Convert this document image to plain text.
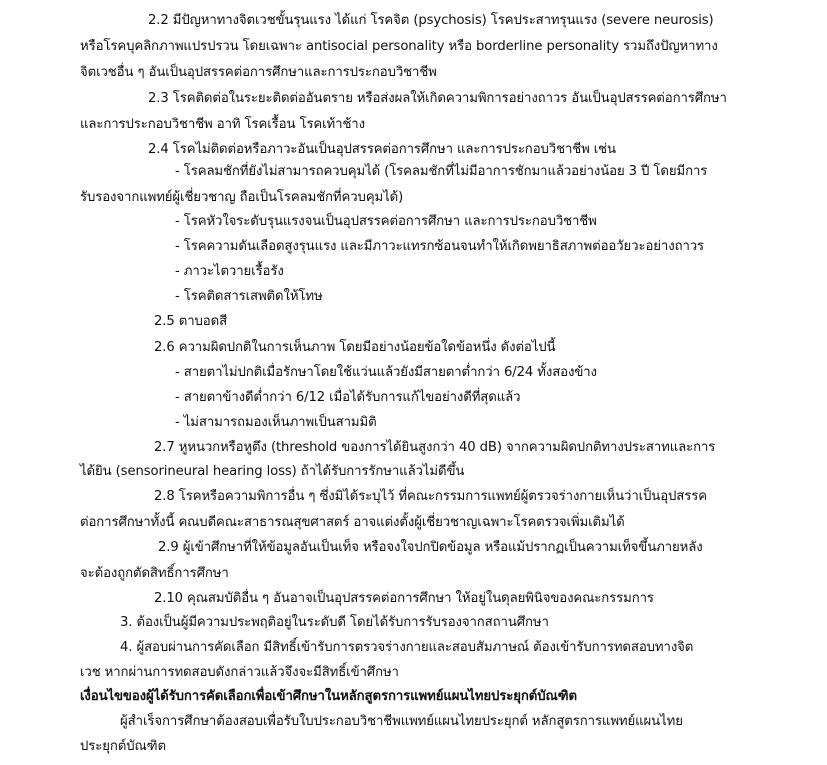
2.2 มีปัญหาทางจิตเวชขั้นรุนแรง ได้แก่ โรคจิต (psychosis) โรคประสาทรุนแรง (severe neurosis)
หรือโรคบุคลิกภาพแปรปรวน โดยเฉพาะ antisocial personality หรือ borderline personality รวมถึงปัญหาทาง
จิตเวชอื่น ๆ อันเป็นอุปสรรคต่อการศึกษาและการประกอบวิชาชีพ
2.3 โรคติดต่อในระยะติดต่ออันตราย หรือส่งผลให้เกิดความพิการอย่างถาวร อันเป็นอุปสรรคต่อการศึกษา
และการประกอบวิชาชีพ อาทิ โรคเรื้อน โรคเท้าช้าง
2.4 โรคไม่ติดต่อหรือภาวะอันเป็นอุปสรรคต่อการศึกษา และการประกอบวิชาชีพ เช่น
- โรคลมชักที่ยังไม่สามารถควบคุมได้ (โรคลมชักที่ไม่มีอาการชักมาแล้วอย่างน้อย 3 ปี โดยมีการ
รับรองจากแพทย์ผู้เชี่ยวชาญ ถือเป็นโรคลมชักที่ควบคุมได้)
- โรคหัวใจระดับรุนแรงจนเป็นอุปสรรคต่อการศึกษา และการประกอบวิชาชีพ
- โรคความดันเลือดสูงรุนแรง และมีภาวะแทรกซ้อนจนทำให้เกิดพยาธิสภาพต่ออวัยวะอย่างถาวร
- ภาวะไตวายเรื้อรัง
- โรคติดสารเสพติดให้โทษ
2.5 ตาบอดสี
2.6 ความผิดปกติในการเห็นภาพ โดยมีอย่างน้อยข้อใดข้อหนึ่ง ดังต่อไปนี้
- สายตาไม่ปกติเมื่อรักษาโดยใช้แว่นแล้วยังมีสายตาต่ำกว่า 6/24 ทั้งสองข้าง
- สายตาข้างดีต่ำกว่า 6/12 เมื่อได้รับการแก้ไขอย่างดีที่สุดแล้ว
- ไม่สามารถมองเห็นภาพเป็นสามมิติ
2.7 หูหนวกหรือหูตึง (threshold ของการได้ยินสูงกว่า 40 dB) จากความผิดปกติทางประสาทและการ
ได้ยิน (sensorineural hearing loss) ถ้าได้รับการรักษาแล้วไม่ดีขึ้น
2.8 โรคหรือความพิการอื่น ๆ ซึ่งมิได้ระบุไว้ ที่คณะกรรมการแพทย์ผู้ตรวจร่างกายเห็นว่าเป็นอุปสรรค
ต่อการศึกษาทั้งนี้ คณบดีคณะสาธารณสุขศาสตร์ อาจแต่งตั้งผู้เชี่ยวชาญเฉพาะโรคตรวจเพิ่มเติมได้
2.9 ผู้เข้าศึกษาที่ให้ข้อมูลอันเป็นเท็จ หรือจงใจปกปิดข้อมูล หรือแม้ปรากฏเป็นความเท็จขึ้นภายหลัง
จะต้องถูกตัดสิทธิ์การศึกษา
2.10 คุณสมบัติอื่น ๆ อันอาจเป็นอุปสรรคต่อการศึกษา ให้อยู่ในดุลยพินิจของคณะกรรมการ
3. ต้องเป็นผู้มีความประพฤติอยู่ในระดับดี โดยได้รับการรับรองจากสถานศึกษา
4. ผู้สอบผ่านการคัดเลือก มีสิทธิ์เข้ารับการตรวจร่างกายและสอบสัมภาษณ์ ต้องเข้ารับการทดสอบทางจิต
เวช หากผ่านการทดสอบดังกล่าวแล้วจึงจะมีสิทธิ์เข้าศึกษา
เงื่อนไขของผู้ได้รับการคัดเลือกเพื่อเข้าศึกษาในหลักสูตรการแพทย์แผนไทยประยุกต์บัณฑิต
ผู้สำเร็จการศึกษาต้องสอบเพื่อรับใบประกอบวิชาชีพแพทย์แผนไทยประยุกต์ หลักสูตรการแพทย์แผนไทย
ประยุกต์บัณฑิต
